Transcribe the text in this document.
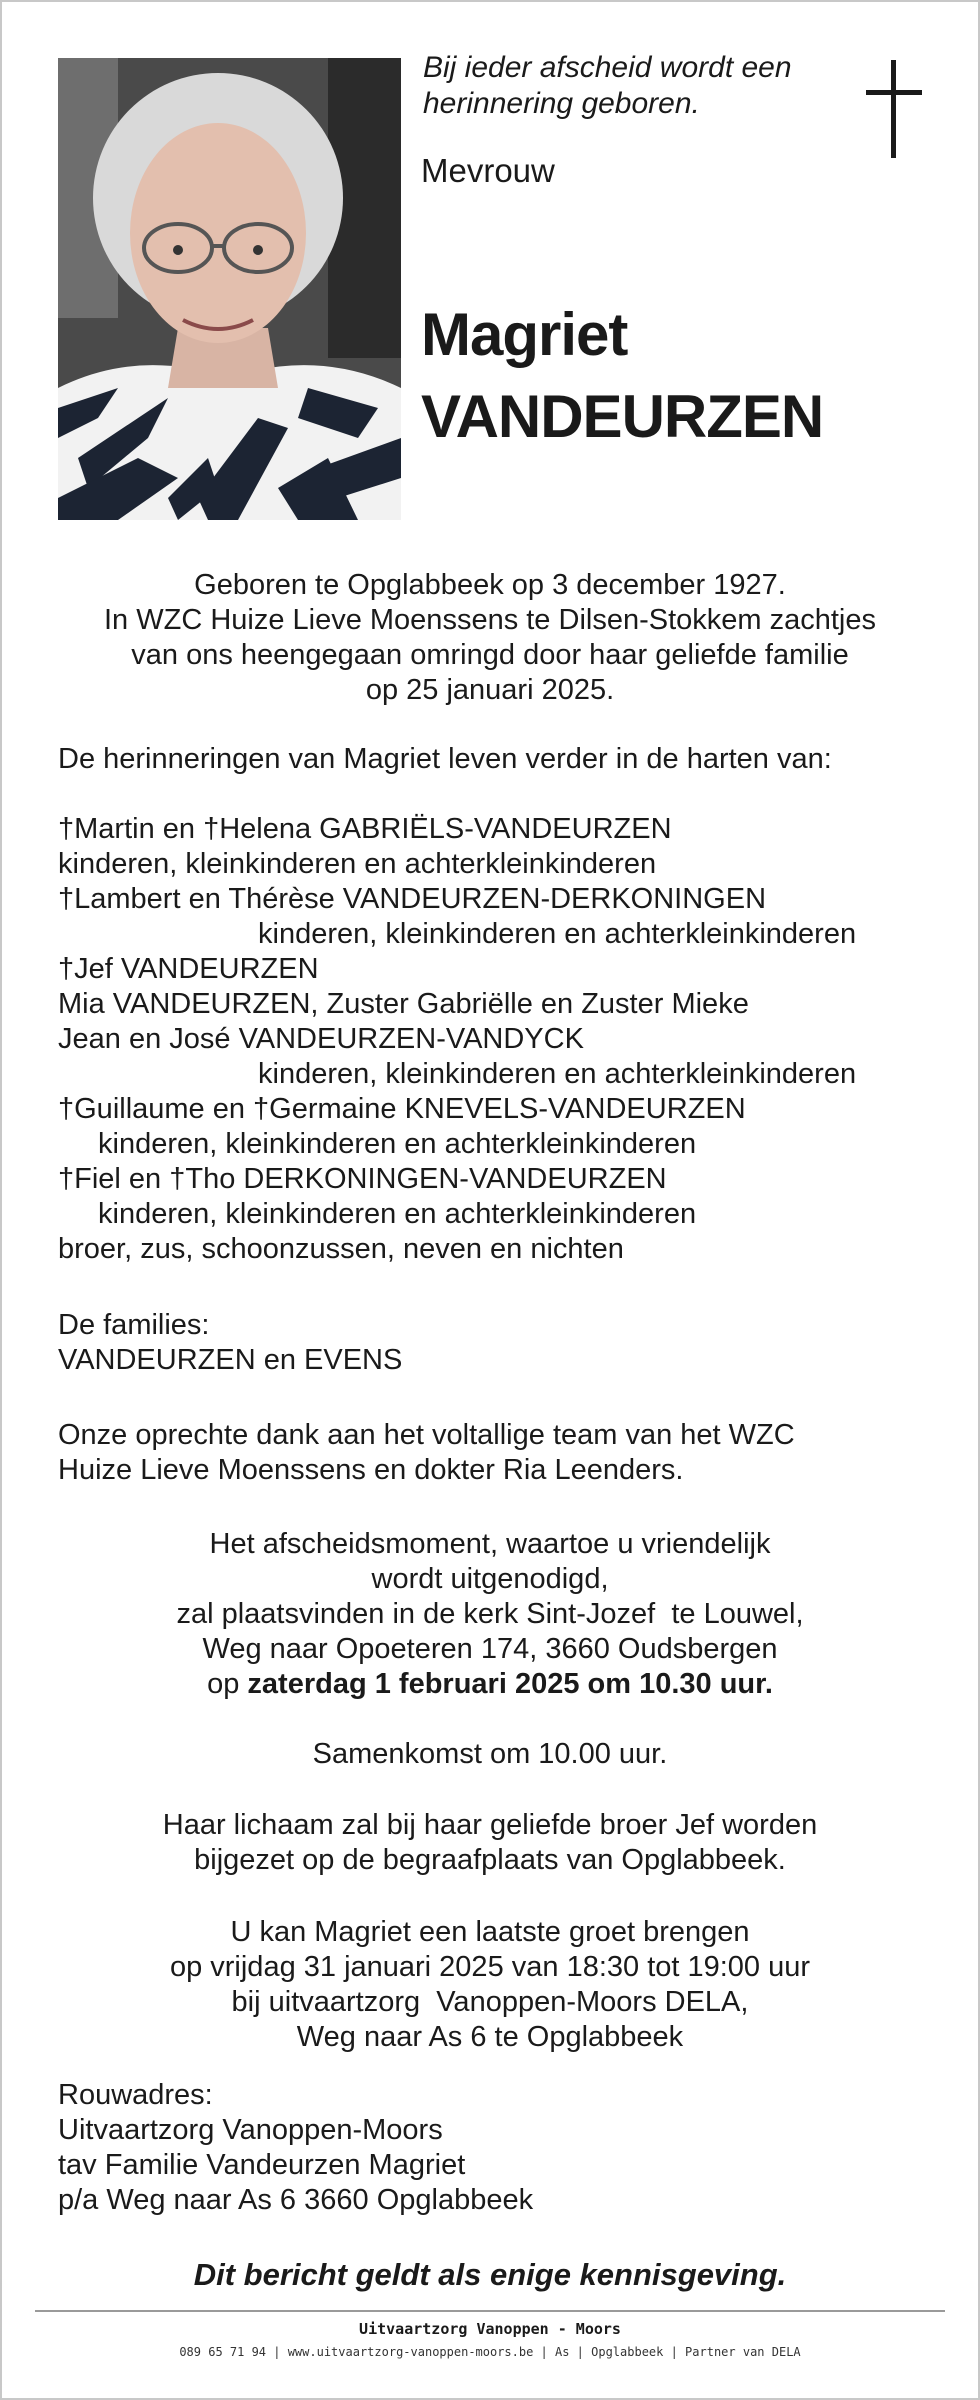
Bij ieder afscheid wordt een
herinnering geboren.
Mevrouw
Magriet
VANDEURZEN
Geboren te Opglabbeek op 3 december 1927.
In WZC Huize Lieve Moenssens te Dilsen-Stokkem zachtjes
van ons heengegaan omringd door haar geliefde familie
op 25 januari 2025.
De herinneringen van Magriet leven verder in de harten van:
†Martin en †Helena GABRIËLS-VANDEURZEN
kinderen, kleinkinderen en achterkleinkinderen
†Lambert en Thérèse VANDEURZEN-DERKONINGEN
kinderen, kleinkinderen en achterkleinkinderen
†Jef VANDEURZEN
Mia VANDEURZEN, Zuster Gabriëlle en Zuster Mieke
Jean en José VANDEURZEN-VANDYCK
kinderen, kleinkinderen en achterkleinkinderen
†Guillaume en †Germaine KNEVELS-VANDEURZEN
kinderen, kleinkinderen en achterkleinkinderen
†Fiel en †Tho DERKONINGEN-VANDEURZEN
kinderen, kleinkinderen en achterkleinkinderen
broer, zus, schoonzussen, neven en nichten
De families:
VANDEURZEN en EVENS
Onze oprechte dank aan het voltallige team van het WZC
Huize Lieve Moenssens en dokter Ria Leenders.
Het afscheidsmoment, waartoe u vriendelijk
wordt uitgenodigd,
zal plaatsvinden in de kerk Sint-Jozef  te Louwel,
Weg naar Opoeteren 174, 3660 Oudsbergen
op zaterdag 1 februari 2025 om 10.30 uur.
Samenkomst om 10.00 uur.
Haar lichaam zal bij haar geliefde broer Jef worden
bijgezet op de begraafplaats van Opglabbeek.
U kan Magriet een laatste groet brengen
op vrijdag 31 januari 2025 van 18:30 tot 19:00 uur
bij uitvaartzorg  Vanoppen-Moors DELA,
Weg naar As 6 te Opglabbeek
Rouwadres:
Uitvaartzorg Vanoppen-Moors
tav Familie Vandeurzen Magriet
p/a Weg naar As 6 3660 Opglabbeek
Dit bericht geldt als enige kennisgeving.
Uitvaartzorg Vanoppen - Moors
089 65 71 94 | www.uitvaartzorg-vanoppen-moors.be | As | Opglabbeek | Partner van DELA
